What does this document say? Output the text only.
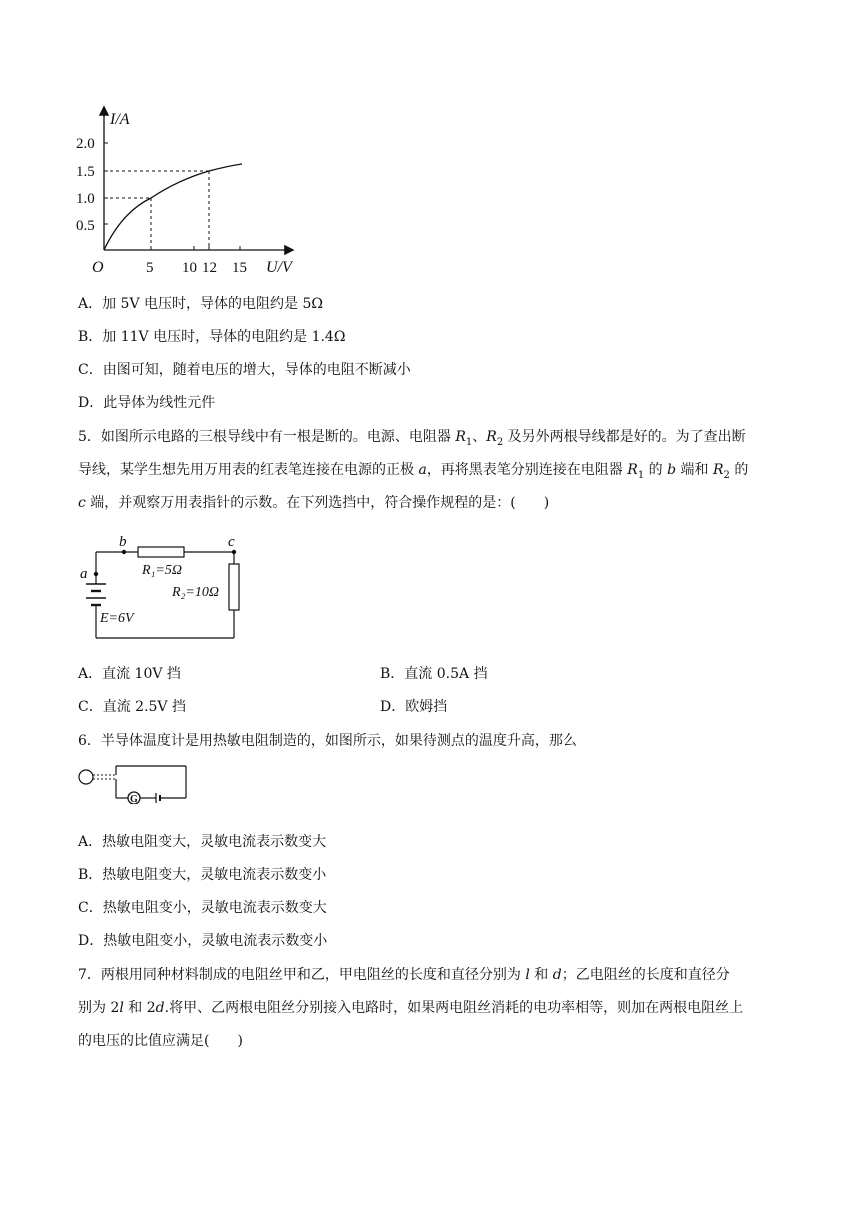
I/A
2.0
1.5
1.0
0.5
O	5 10 12 15 U/V
A．加 5V 电压时，导体的电阻约是 5Ω
B．加 11V 电压时，导体的电阻约是 1.4Ω
C．由图可知，随着电压的增大，导体的电阻不断减小
D．此导体为线性元件
5．如图所示电路的三根导线中有一根是断的。电源、电阻器 $R_1$、$R_2$ 及另外两根导线都是好的。为了查出断
导线，某学生想先用万用表的红表笔连接在电源的正极 a，再将黑表笔分别连接在电阻器 $R_1$ 的 b 端和 $R_2$ 的
c 端，并观察万用表指针的示数。在下列选挡中，符合操作规程的是：(　　)
a
b	c
R₁=5Ω
R₂=10Ω
E=6V
A．直流 10V 挡	B．直流 0.5A 挡
C．直流 2.5V 挡	D．欧姆挡
6．半导体温度计是用热敏电阻制造的，如图所示，如果待测点的温度升高，那么
G
A．热敏电阻变大，灵敏电流表示数变大
B．热敏电阻变大，灵敏电流表示数变小
C．热敏电阻变小，灵敏电流表示数变大
D．热敏电阻变小，灵敏电流表示数变小
7．两根用同种材料制成的电阻丝甲和乙，甲电阻丝的长度和直径分别为 l 和 d；乙电阻丝的长度和直径分
别为 2l 和 2d.将甲、乙两根电阻丝分别接入电路时，如果两电阻丝消耗的电功率相等，则加在两根电阻丝上
的电压的比值应满足(　　)
